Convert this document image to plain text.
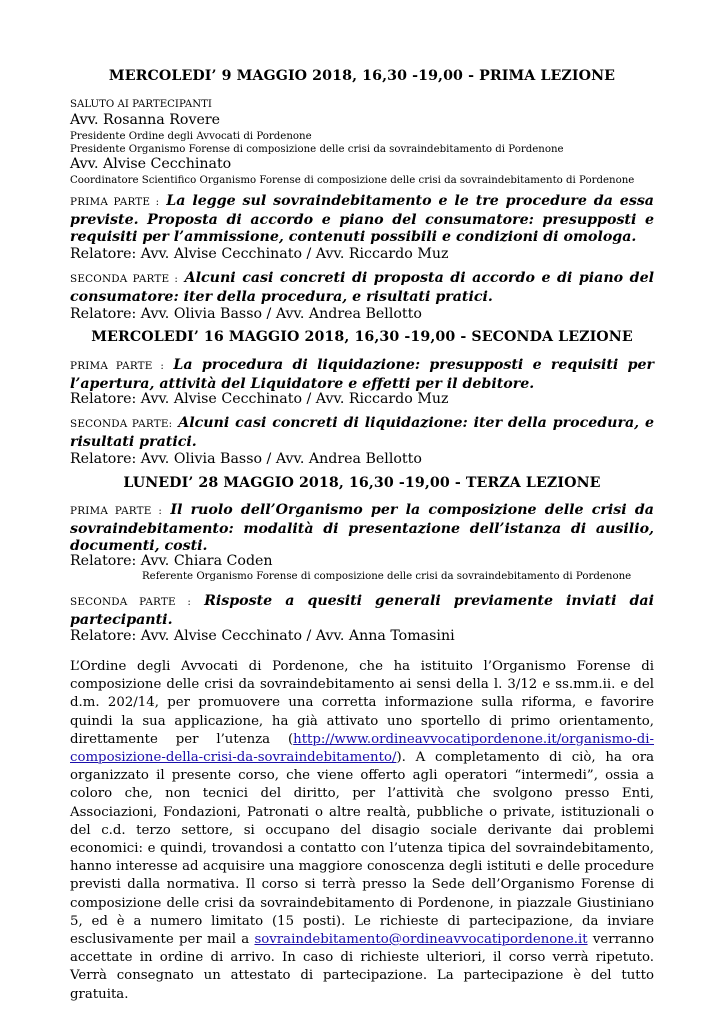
MERCOLEDI’ 9 MAGGIO 2018, 16,30 -19,00 - PRIMA LEZIONE
SALUTO AI PARTECIPANTI
Avv. Rosanna Rovere
Presidente Ordine degli Avvocati di Pordenone
Presidente Organismo Forense di composizione delle crisi da sovraindebitamento di Pordenone
Avv. Alvise Cecchinato
Coordinatore Scientifico Organismo Forense di composizione delle crisi da sovraindebitamento di Pordenone
PRIMA PARTE : La legge sul sovraindebitamento e le tre procedure da essa previste. Proposta di accordo e piano del consumatore: presupposti e requisiti per l’ammissione, contenuti possibili e condizioni di omologa.
Relatore: Avv. Alvise Cecchinato / Avv. Riccardo Muz
SECONDA PARTE : Alcuni casi concreti di proposta di accordo e di piano del consumatore: iter della procedura, e risultati pratici.
Relatore: Avv. Olivia Basso / Avv. Andrea Bellotto
MERCOLEDI’ 16 MAGGIO 2018, 16,30 -19,00 - SECONDA LEZIONE
PRIMA PARTE : La procedura di liquidazione: presupposti e requisiti per l’apertura, attività del Liquidatore e effetti per il debitore.
Relatore: Avv. Alvise Cecchinato / Avv. Riccardo Muz
SECONDA PARTE: Alcuni casi concreti di liquidazione: iter della procedura, e risultati pratici.
Relatore: Avv. Olivia Basso / Avv. Andrea Bellotto
LUNEDI’ 28 MAGGIO 2018, 16,30 -19,00 - TERZA LEZIONE
PRIMA PARTE : Il ruolo dell’Organismo per la composizione delle crisi da sovraindebitamento: modalità di presentazione dell’istanza di ausilio, documenti, costi.
Relatore: Avv. Chiara Coden
Referente Organismo Forense di composizione delle crisi da sovraindebitamento di Pordenone
SECONDA PARTE : Risposte a quesiti generali previamente inviati dai partecipanti.
Relatore: Avv. Alvise Cecchinato / Avv. Anna Tomasini
L’Ordine degli Avvocati di Pordenone, che ha istituito l’Organismo Forense di composizione delle crisi da sovraindebitamento ai sensi della l. 3/12 e ss.mm.ii. e del d.m. 202/14, per promuovere una corretta informazione sulla riforma, e favorire quindi la sua applicazione, ha già attivato uno sportello di primo orientamento, direttamente per l’utenza (http://www.ordineavvocatipordenone.it/organismo-di-composizione-della-crisi-da-sovraindebitamento/). A completamento di ciò, ha ora organizzato il presente corso, che viene offerto agli operatori “intermedi”, ossia a coloro che, non tecnici del diritto, per l’attività che svolgono presso Enti, Associazioni, Fondazioni, Patronati o altre realtà, pubbliche o private, istituzionali o del c.d. terzo settore, si occupano del disagio sociale derivante dai problemi economici: e quindi, trovandosi a contatto con l’utenza tipica del sovraindebitamento, hanno interesse ad acquisire una maggiore conoscenza degli istituti e delle procedure previsti dalla normativa. Il corso si terrà presso la Sede dell’Organismo Forense di composizione delle crisi da sovraindebitamento di Pordenone, in piazzale Giustiniano 5, ed è a numero limitato (15 posti). Le richieste di partecipazione, da inviare esclusivamente per mail a sovraindebitamento@ordineavvocatipordenone.it verranno accettate in ordine di arrivo. In caso di richieste ulteriori, il corso verrà ripetuto. Verrà consegnato un attestato di partecipazione. La partecipazione è del tutto gratuita.
